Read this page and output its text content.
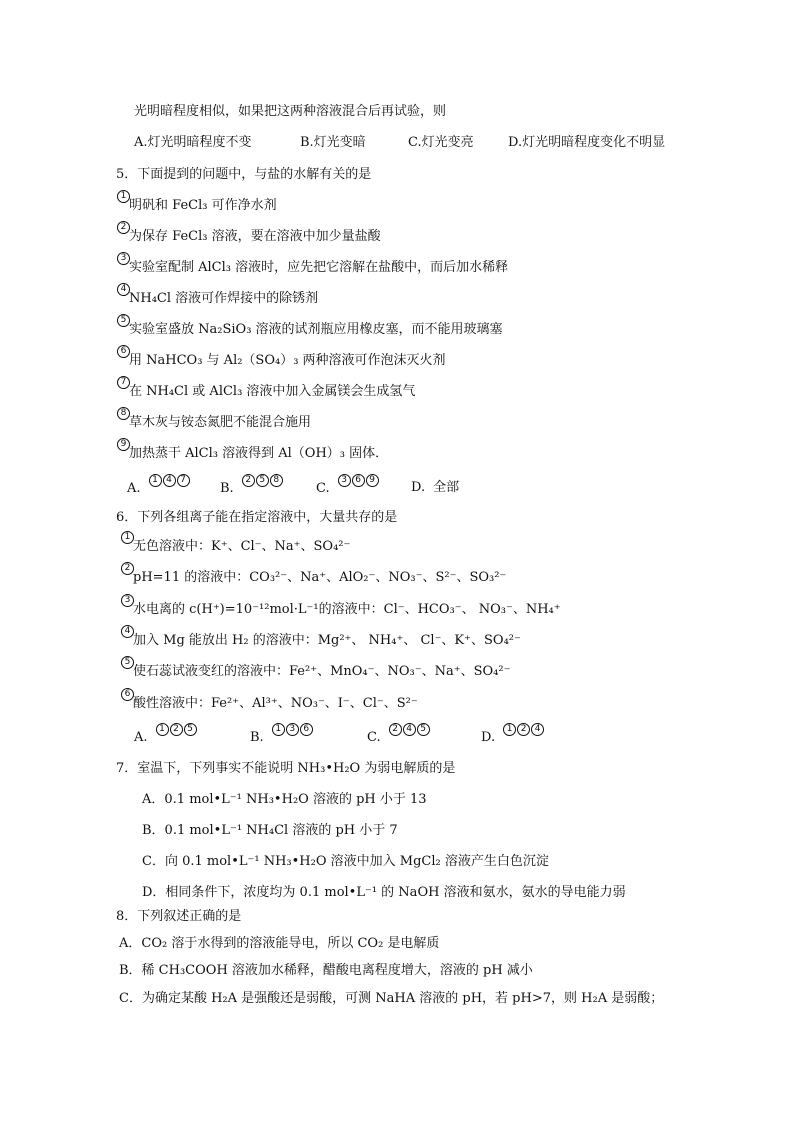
光明暗程度相似，如果把这两种溶液混合后再试验，则
A.灯光明暗程度不变	B.灯光变暗	C.灯光变亮	D.灯光明暗程度变化不明显
5．下面提到的问题中，与盐的水解有关的是
1
明矾和 FeCl₃ 可作净水剂
2
为保存 FeCl₃ 溶液，要在溶液中加少量盐酸
3
实验室配制 AlCl₃ 溶液时，应先把它溶解在盐酸中，而后加水稀释
4
NH₄Cl 溶液可作焊接中的除锈剂
5
实验室盛放 Na₂SiO₃ 溶液的试剂瓶应用橡皮塞，而不能用玻璃塞
6
用 NaHCO₃ 与 Al₂（SO₄）₃ 两种溶液可作泡沫灭火剂
7
在 NH₄Cl 或 AlCl₃ 溶液中加入金属镁会生成氢气
8
草木灰与铵态氮肥不能混合施用
9
加热蒸干 AlCl₃ 溶液得到 Al（OH）₃ 固体．
A.1 4 7
B.2 5 8
C.3 6 9	D. 全部
6．下列各组离子能在指定溶液中，大量共存的是
1
无色溶液中：K⁺、Cl⁻、Na⁺、SO₄²⁻
2
pH=11 的溶液中：CO₃²⁻、Na⁺、AlO₂⁻、NO₃⁻、S²⁻、SO₃²⁻
3
水电离的 c(H⁺)=10⁻¹²mol·L⁻¹的溶液中：Cl⁻、HCO₃⁻、 NO₃⁻、NH₄⁺
4
加入 Mg 能放出 H₂ 的溶液中：Mg²⁺、 NH₄⁺、 Cl⁻、K⁺、SO₄²⁻
5
使石蕊试液变红的溶液中：Fe²⁺、MnO₄⁻、NO₃⁻、Na⁺、SO₄²⁻
6
酸性溶液中：Fe²⁺、Al³⁺、NO₃⁻、I⁻、Cl⁻、S²⁻
A.1 2 5
B.1 3 6
C.2 4 5
D.1 2 4
7．室温下，下列事实不能说明 NH₃•H₂O 为弱电解质的是
A．0.1 mol•L⁻¹ NH₃•H₂O 溶液的 pH 小于 13
B．0.1 mol•L⁻¹ NH₄Cl 溶液的 pH 小于 7
C．向 0.1 mol•L⁻¹ NH₃•H₂O 溶液中加入 MgCl₂ 溶液产生白色沉淀
D．相同条件下，浓度均为 0.1 mol•L⁻¹ 的 NaOH 溶液和氨水，氨水的导电能力弱
8．下列叙述正确的是
A．CO₂ 溶于水得到的溶液能导电，所以 CO₂ 是电解质
B．稀 CH₃COOH 溶液加水稀释，醋酸电离程度增大，溶液的 pH 减小
C．为确定某酸 H₂A 是强酸还是弱酸，可测 NaHA 溶液的 pH，若 pH>7，则 H₂A 是弱酸；
